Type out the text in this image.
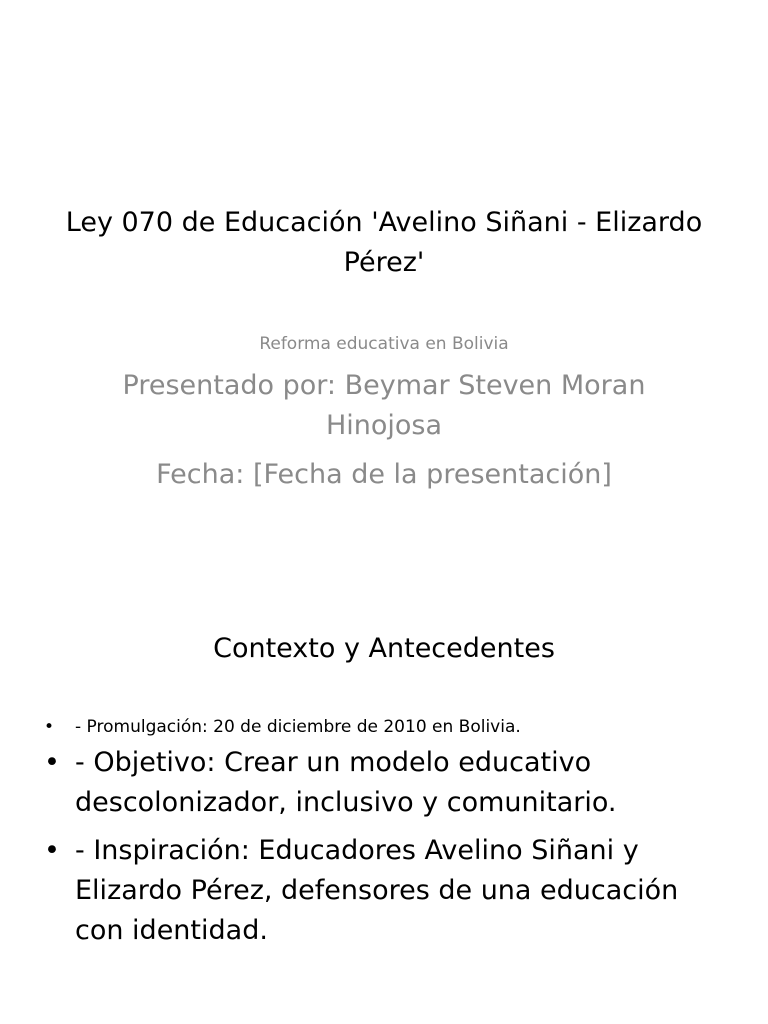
Ley 070 de Educación 'Avelino Siñani - Elizardo Pérez'
Reforma educativa en Bolivia
Presentado por: Beymar Steven Moran Hinojosa
Fecha: [Fecha de la presentación]
Contexto y Antecedentes
• - Promulgación: 20 de diciembre de 2010 en Bolivia.
• - Objetivo: Crear un modelo educativo descolonizador, inclusivo y comunitario.
• - Inspiración: Educadores Avelino Siñani y Elizardo Pérez, defensores de una educación con identidad.
